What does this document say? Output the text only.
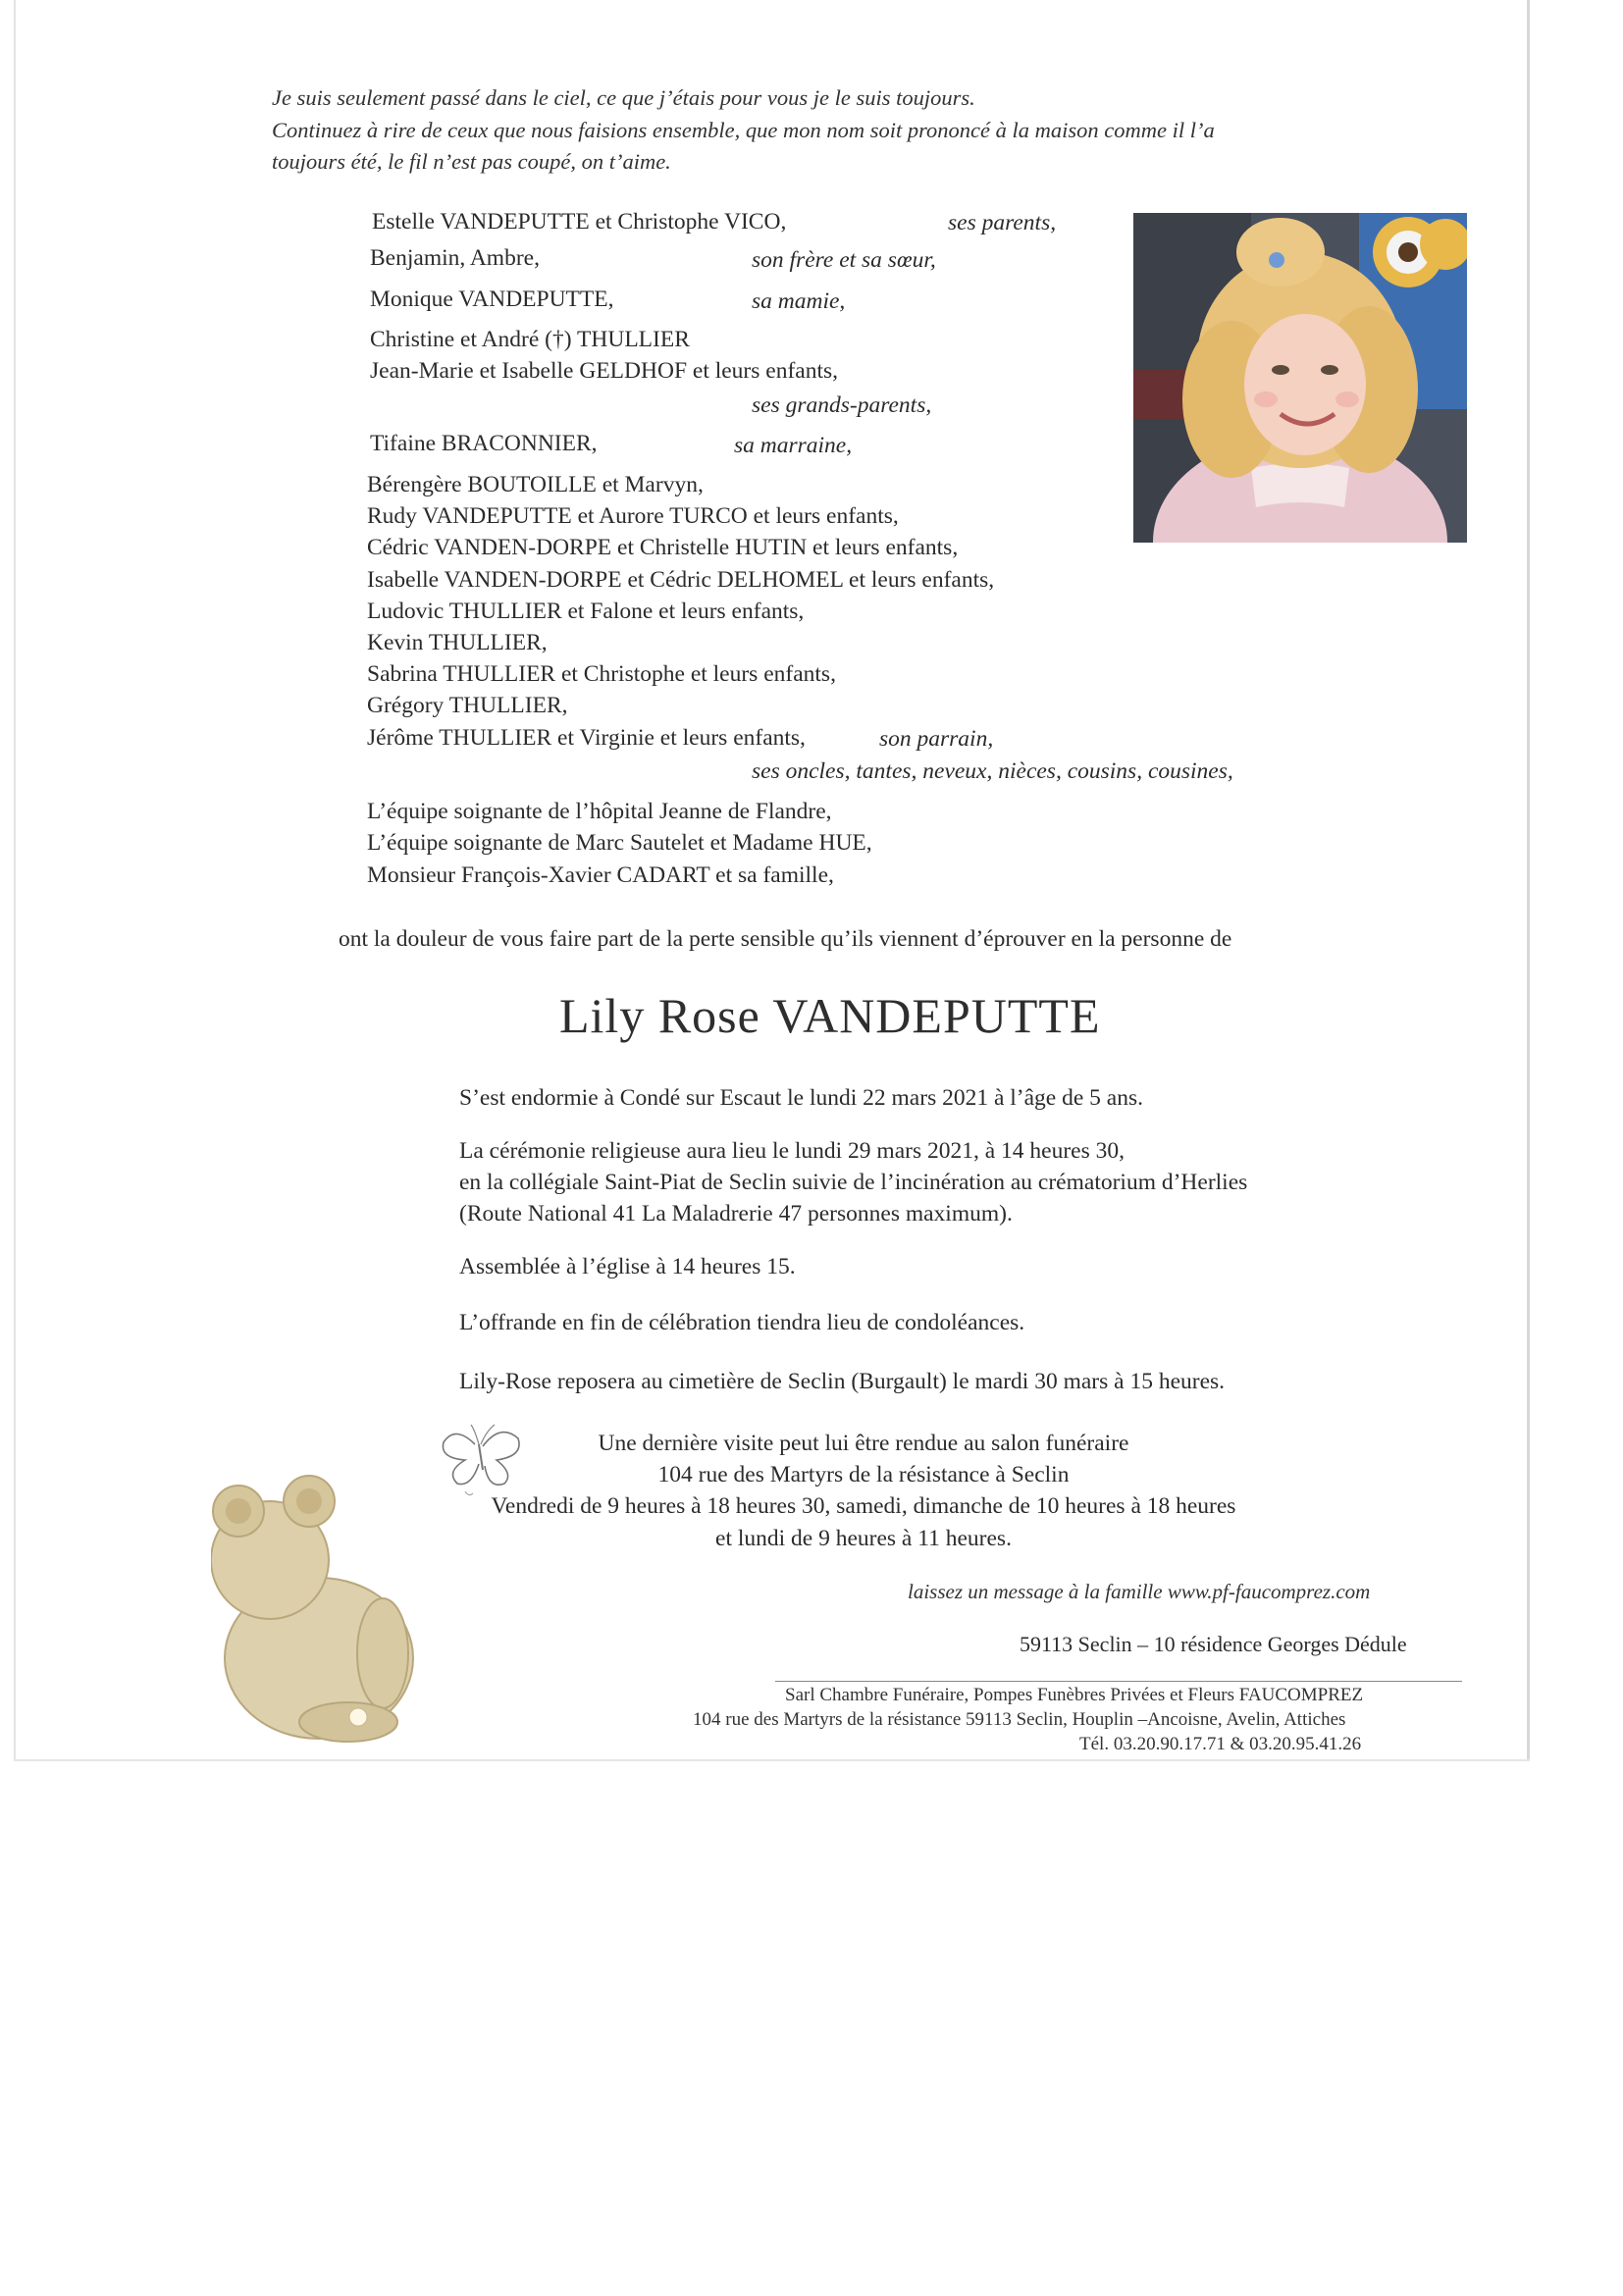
Je suis seulement passé dans le ciel, ce que j’étais pour vous je le suis toujours.
Continuez à rire de ceux que nous faisions ensemble, que mon nom soit prononcé à la maison comme il l’a
toujours été, le fil n’est pas coupé, on t’aime.
Estelle VANDEPUTTE et Christophe VICO,	ses parents,
Benjamin, Ambre,	son frère et sa sœur,
Monique VANDEPUTTE,	sa mamie,
Christine et André (†) THULLIER
Jean-Marie et Isabelle GELDHOF et leurs enfants,
ses grands-parents,
Tifaine BRACONNIER,	sa marraine,
Bérengère BOUTOILLE et Marvyn,
Rudy VANDEPUTTE et Aurore TURCO et leurs enfants,
Cédric VANDEN-DORPE et Christelle HUTIN et leurs enfants,
Isabelle VANDEN-DORPE et Cédric DELHOMEL et leurs enfants,
Ludovic THULLIER et Falone et leurs enfants,
Kevin THULLIER,
Sabrina THULLIER et Christophe et leurs enfants,
Grégory THULLIER,
Jérôme THULLIER et Virginie et leurs enfants,	son parrain,
ses oncles, tantes, neveux, nièces, cousins, cousines,
L’équipe soignante de l’hôpital Jeanne de Flandre,
L’équipe soignante de Marc Sautelet et Madame HUE,
Monsieur François-Xavier CADART et sa famille,
ont la douleur de vous faire part de la perte sensible qu’ils viennent d’éprouver en la personne de
Lily Rose VANDEPUTTE
S’est endormie à Condé sur Escaut le lundi 22 mars 2021 à l’âge de 5 ans.
La cérémonie religieuse aura lieu le lundi 29 mars 2021, à 14 heures 30,
en la collégiale Saint-Piat de Seclin suivie de l’incinération au crématorium d’Herlies
(Route National 41 La Maladrerie 47 personnes maximum).
Assemblée à l’église à 14 heures 15.
L’offrande en fin de célébration tiendra lieu de condoléances.
Lily-Rose reposera au cimetière de Seclin (Burgault) le mardi 30 mars à 15 heures.
Une dernière visite peut lui être rendue au salon funéraire
104 rue des Martyrs de la résistance à Seclin
Vendredi de 9 heures à 18 heures 30, samedi, dimanche de 10 heures à 18 heures
et lundi de 9 heures à 11 heures.
laissez un message à la famille www.pf-faucomprez.com
59113 Seclin – 10 résidence Georges Dédule
Sarl Chambre Funéraire, Pompes Funèbres Privées et Fleurs FAUCOMPREZ
104 rue des Martyrs de la résistance 59113 Seclin, Houplin –Ancoisne, Avelin, Attiches
Tél. 03.20.90.17.71 & 03.20.95.41.26
